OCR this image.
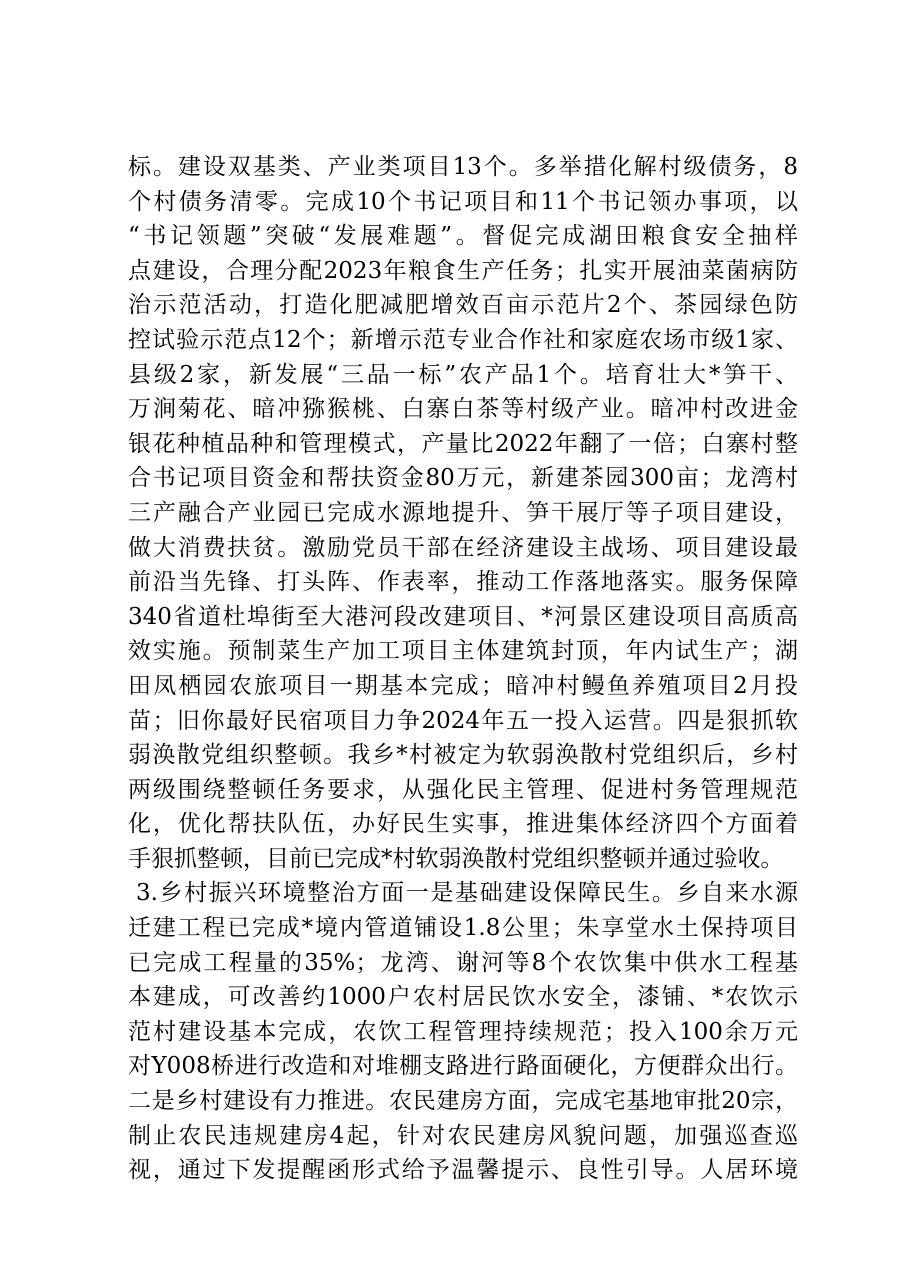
标。建设双基类、产业类项目13个。多举措化解村级债务，8
个村债务清零。完成10个书记项目和11个书记领办事项，以
“书记领题”突破“发展难题”。督促完成湖田粮食安全抽样
点建设，合理分配2023年粮食生产任务；扎实开展油菜菌病防
治示范活动，打造化肥减肥增效百亩示范片2个、茶园绿色防
控试验示范点12个；新增示范专业合作社和家庭农场市级1家、
县级2家，新发展“三品一标”农产品1个。培育壮大*笋干、
万涧菊花、暗冲猕猴桃、白寨白茶等村级产业。暗冲村改进金
银花种植品种和管理模式，产量比2022年翻了一倍；白寨村整
合书记项目资金和帮扶资金80万元，新建茶园300亩；龙湾村
三产融合产业园已完成水源地提升、笋干展厅等子项目建设，
做大消费扶贫。激励党员干部在经济建设主战场、项目建设最
前沿当先锋、打头阵、作表率，推动工作落地落实。服务保障
340省道杜埠街至大港河段改建项目、*河景区建设项目高质高
效实施。预制菜生产加工项目主体建筑封顶，年内试生产；湖
田凤栖园农旅项目一期基本完成；暗冲村鳗鱼养殖项目2月投
苗；旧你最好民宿项目力争2024年五一投入运营。四是狠抓软
弱涣散党组织整顿。我乡*村被定为软弱涣散村党组织后，乡村
两级围绕整顿任务要求，从强化民主管理、促进村务管理规范
化，优化帮扶队伍，办好民生实事，推进集体经济四个方面着
手狠抓整顿，目前已完成*村软弱涣散村党组织整顿并通过验收。
3.乡村振兴环境整治方面一是基础建设保障民生。乡自来水源
迁建工程已完成*境内管道铺设1.8公里；朱享堂水土保持项目
已完成工程量的35%；龙湾、谢河等8个农饮集中供水工程基
本建成，可改善约1000户农村居民饮水安全，漆铺、*农饮示
范村建设基本完成，农饮工程管理持续规范；投入100余万元
对Y008桥进行改造和对堆棚支路进行路面硬化，方便群众出行。
二是乡村建设有力推进。农民建房方面，完成宅基地审批20宗，
制止农民违规建房4起，针对农民建房风貌问题，加强巡查巡
视，通过下发提醒函形式给予温馨提示、良性引导。人居环境
